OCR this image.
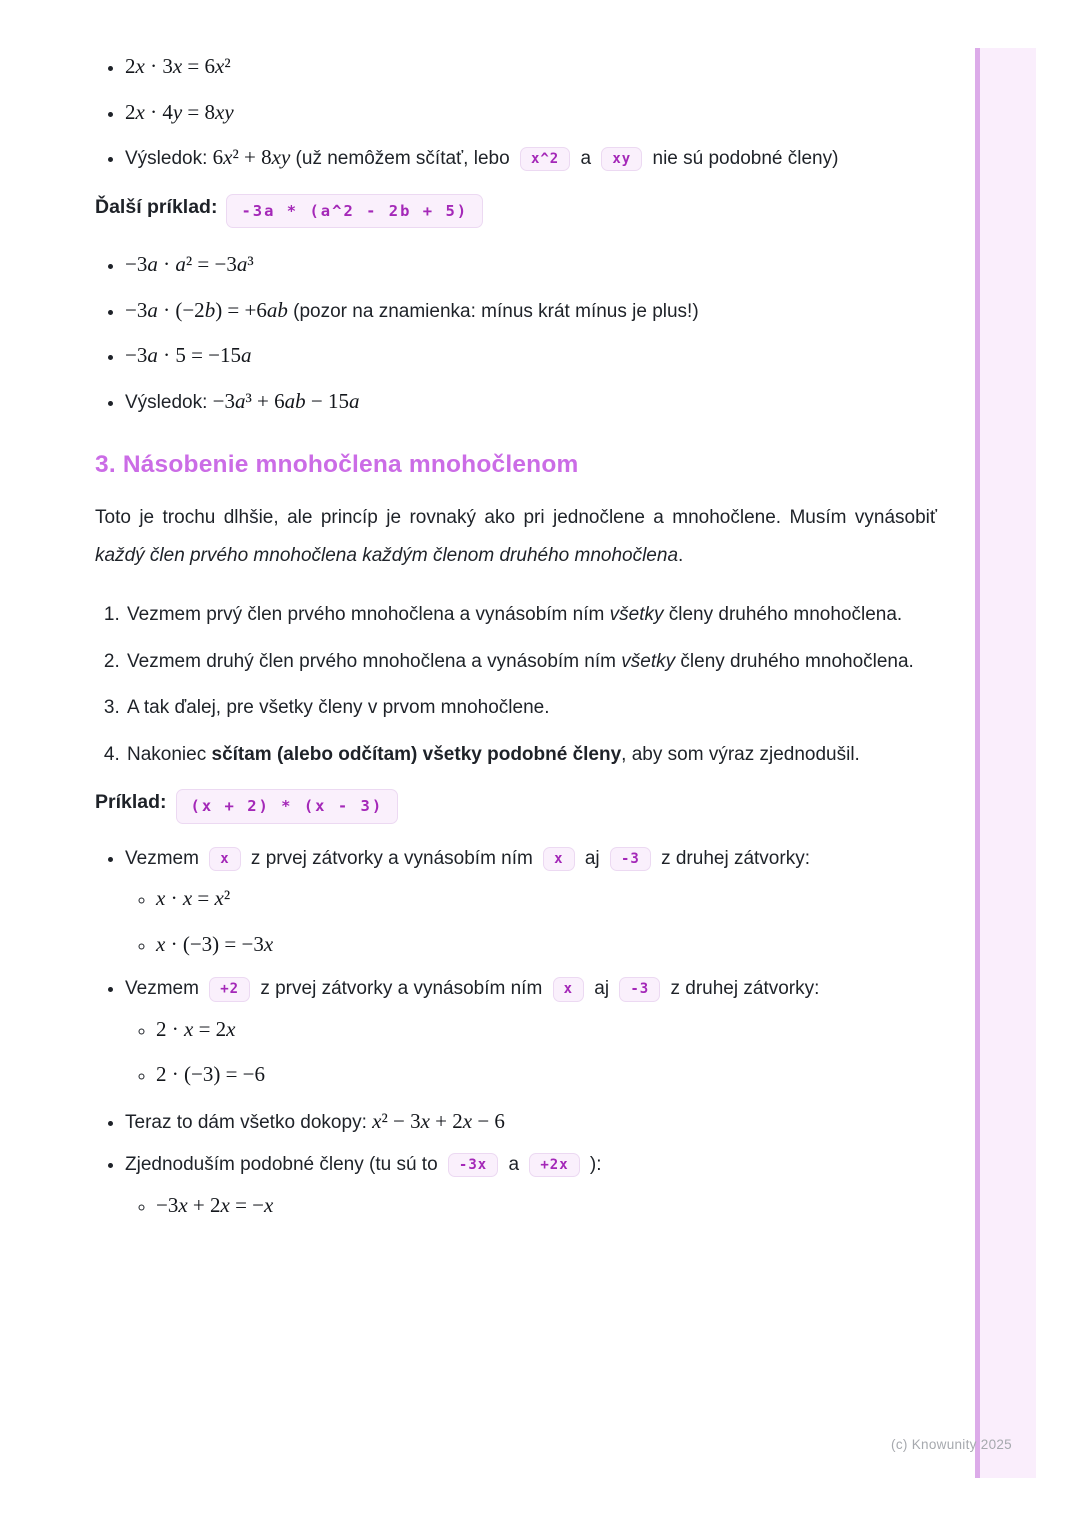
• 2x · 3x = 6x²
• 2x · 4y = 8xy
• Výsledok: 6x² + 8xy (už nemôžem sčítať, lebo x^2 a xy nie sú podobné členy)

Ďalší príklad: -3a * (a^2 - 2b + 5)

• −3a · a² = −3a³
• −3a · (−2b) = +6ab (pozor na znamienka: mínus krát mínus je plus!)
• −3a · 5 = −15a
• Výsledok: −3a³ + 6ab − 15a
3. Násobenie mnohočlena mnohočlenom

Toto je trochu dlhšie, ale princíp je rovnaký ako pri jednočlene a mnohočlene. Musím vynásobiť každý člen prvého mnohočlena každým členom druhého mnohočlena.

1. Vezmem prvý člen prvého mnohočlena a vynásobím ním všetky členy druhého mnohočlena.
2. Vezmem druhý člen prvého mnohočlena a vynásobím ním všetky členy druhého mnohočlena.
3. A tak ďalej, pre všetky členy v prvom mnohočlene.
4. Nakoniec sčítam (alebo odčítam) všetky podobné členy, aby som výraz zjednodušil.

Príklad: (x + 2) * (x - 3)

• Vezmem x z prvej zátvorky a vynásobím ním x aj -3 z druhej zátvorky:
◦ x · x = x²
◦ x · (−3) = −3x
• Vezmem +2 z prvej zátvorky a vynásobím ním x aj -3 z druhej zátvorky:
◦ 2 · x = 2x
◦ 2 · (−3) = −6
• Teraz to dám všetko dokopy: x² − 3x + 2x − 6
• Zjednoduším podobné členy (tu sú to -3x a +2x ):
◦ −3x + 2x = −x
(c) Knowunity 2025
